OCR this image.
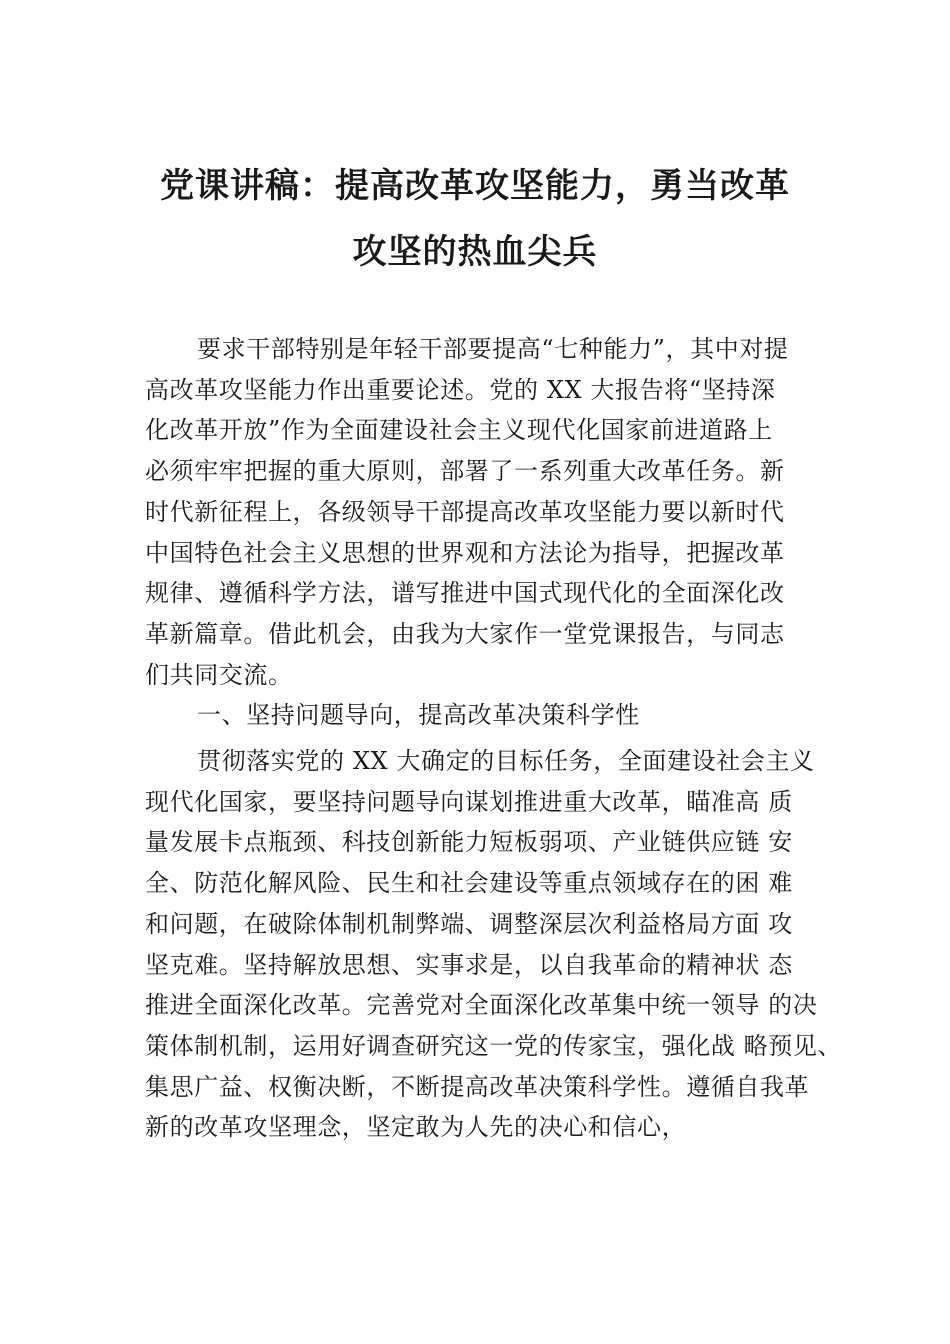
党课讲稿：提高改革攻坚能力，勇当改革
攻坚的热血尖兵
要求干部特别是年轻干部要提高“七种能力”，其中对提
高改革攻坚能力作出重要论述。党的 XX 大报告将“坚持深
化改革开放”作为全面建设社会主义现代化国家前进道路上
必须牢牢把握的重大原则，部署了一系列重大改革任务。新
时代新征程上，各级领导干部提高改革攻坚能力要以新时代
中国特色社会主义思想的世界观和方法论为指导，把握改革
规律、遵循科学方法，谱写推进中国式现代化的全面深化改
革新篇章。借此机会，由我为大家作一堂党课报告，与同志
们共同交流。
一、坚持问题导向，提高改革决策科学性
贯彻落实党的 XX 大确定的目标任务，全面建设社会主义
现代化国家，要坚持问题导向谋划推进重大改革，瞄准高 质
量发展卡点瓶颈、科技创新能力短板弱项、产业链供应链 安
全、防范化解风险、民生和社会建设等重点领域存在的困 难
和问题，在破除体制机制弊端、调整深层次利益格局方面 攻
坚克难。坚持解放思想、实事求是，以自我革命的精神状 态
推进全面深化改革。完善党对全面深化改革集中统一领导 的决
策体制机制，运用好调查研究这一党的传家宝，强化战 略预见、
集思广益、权衡决断，不断提高改革决策科学性。遵循自我革
新的改革攻坚理念，坚定敢为人先的决心和信心，
